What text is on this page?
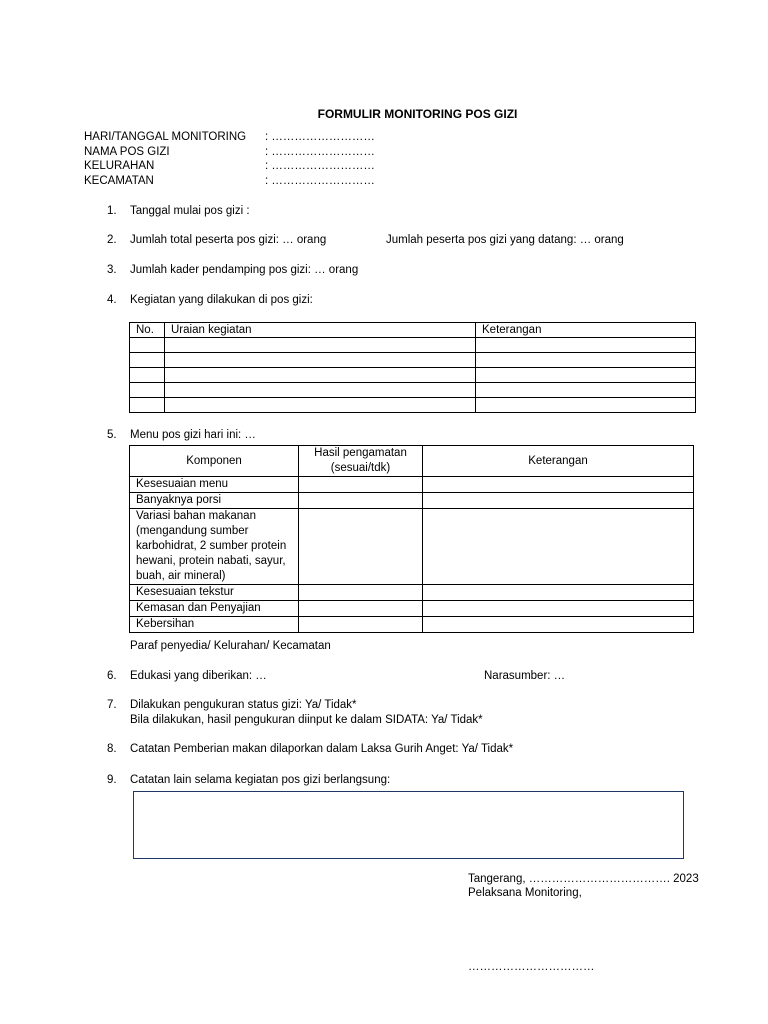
FORMULIR MONITORING POS GIZI
HARI/TANGGAL MONITORING : ………………………
NAMA POS GIZI	: ………………………
KELURAHAN	: ………………………
KECAMATAN	: ………………………
1. Tanggal mulai pos gizi :
2. Jumlah total peserta pos gizi: … orang	Jumlah peserta pos gizi yang datang: … orang
3. Jumlah kader pendamping pos gizi: … orang
4. Kegiatan yang dilakukan di pos gizi:
No.	Uraian kegiatan	Keterangan

5. Menu pos gizi hari ini: …
Komponen	Hasil pengamatan (sesuai/tdk)	Keterangan
Kesesuaian menu		
Banyaknya porsi		
Variasi bahan makanan (mengandung sumber karbohidrat, 2 sumber protein hewani, protein nabati, sayur, buah, air mineral)		
Kesesuaian tekstur		
Kemasan dan Penyajian		
Kebersihan		
Paraf penyedia/ Kelurahan/ Kecamatan
6. Edukasi yang diberikan: …	Narasumber: …
7. Dilakukan pengukuran status gizi: Ya/ Tidak*
Bila dilakukan, hasil pengukuran diinput ke dalam SIDATA: Ya/ Tidak*
8. Catatan Pemberian makan dilaporkan dalam Laksa Gurih Anget: Ya/ Tidak*
9. Catatan lain selama kegiatan pos gizi berlangsung:
Tangerang, ………………………………. 2023
Pelaksana Monitoring,
……………………………
